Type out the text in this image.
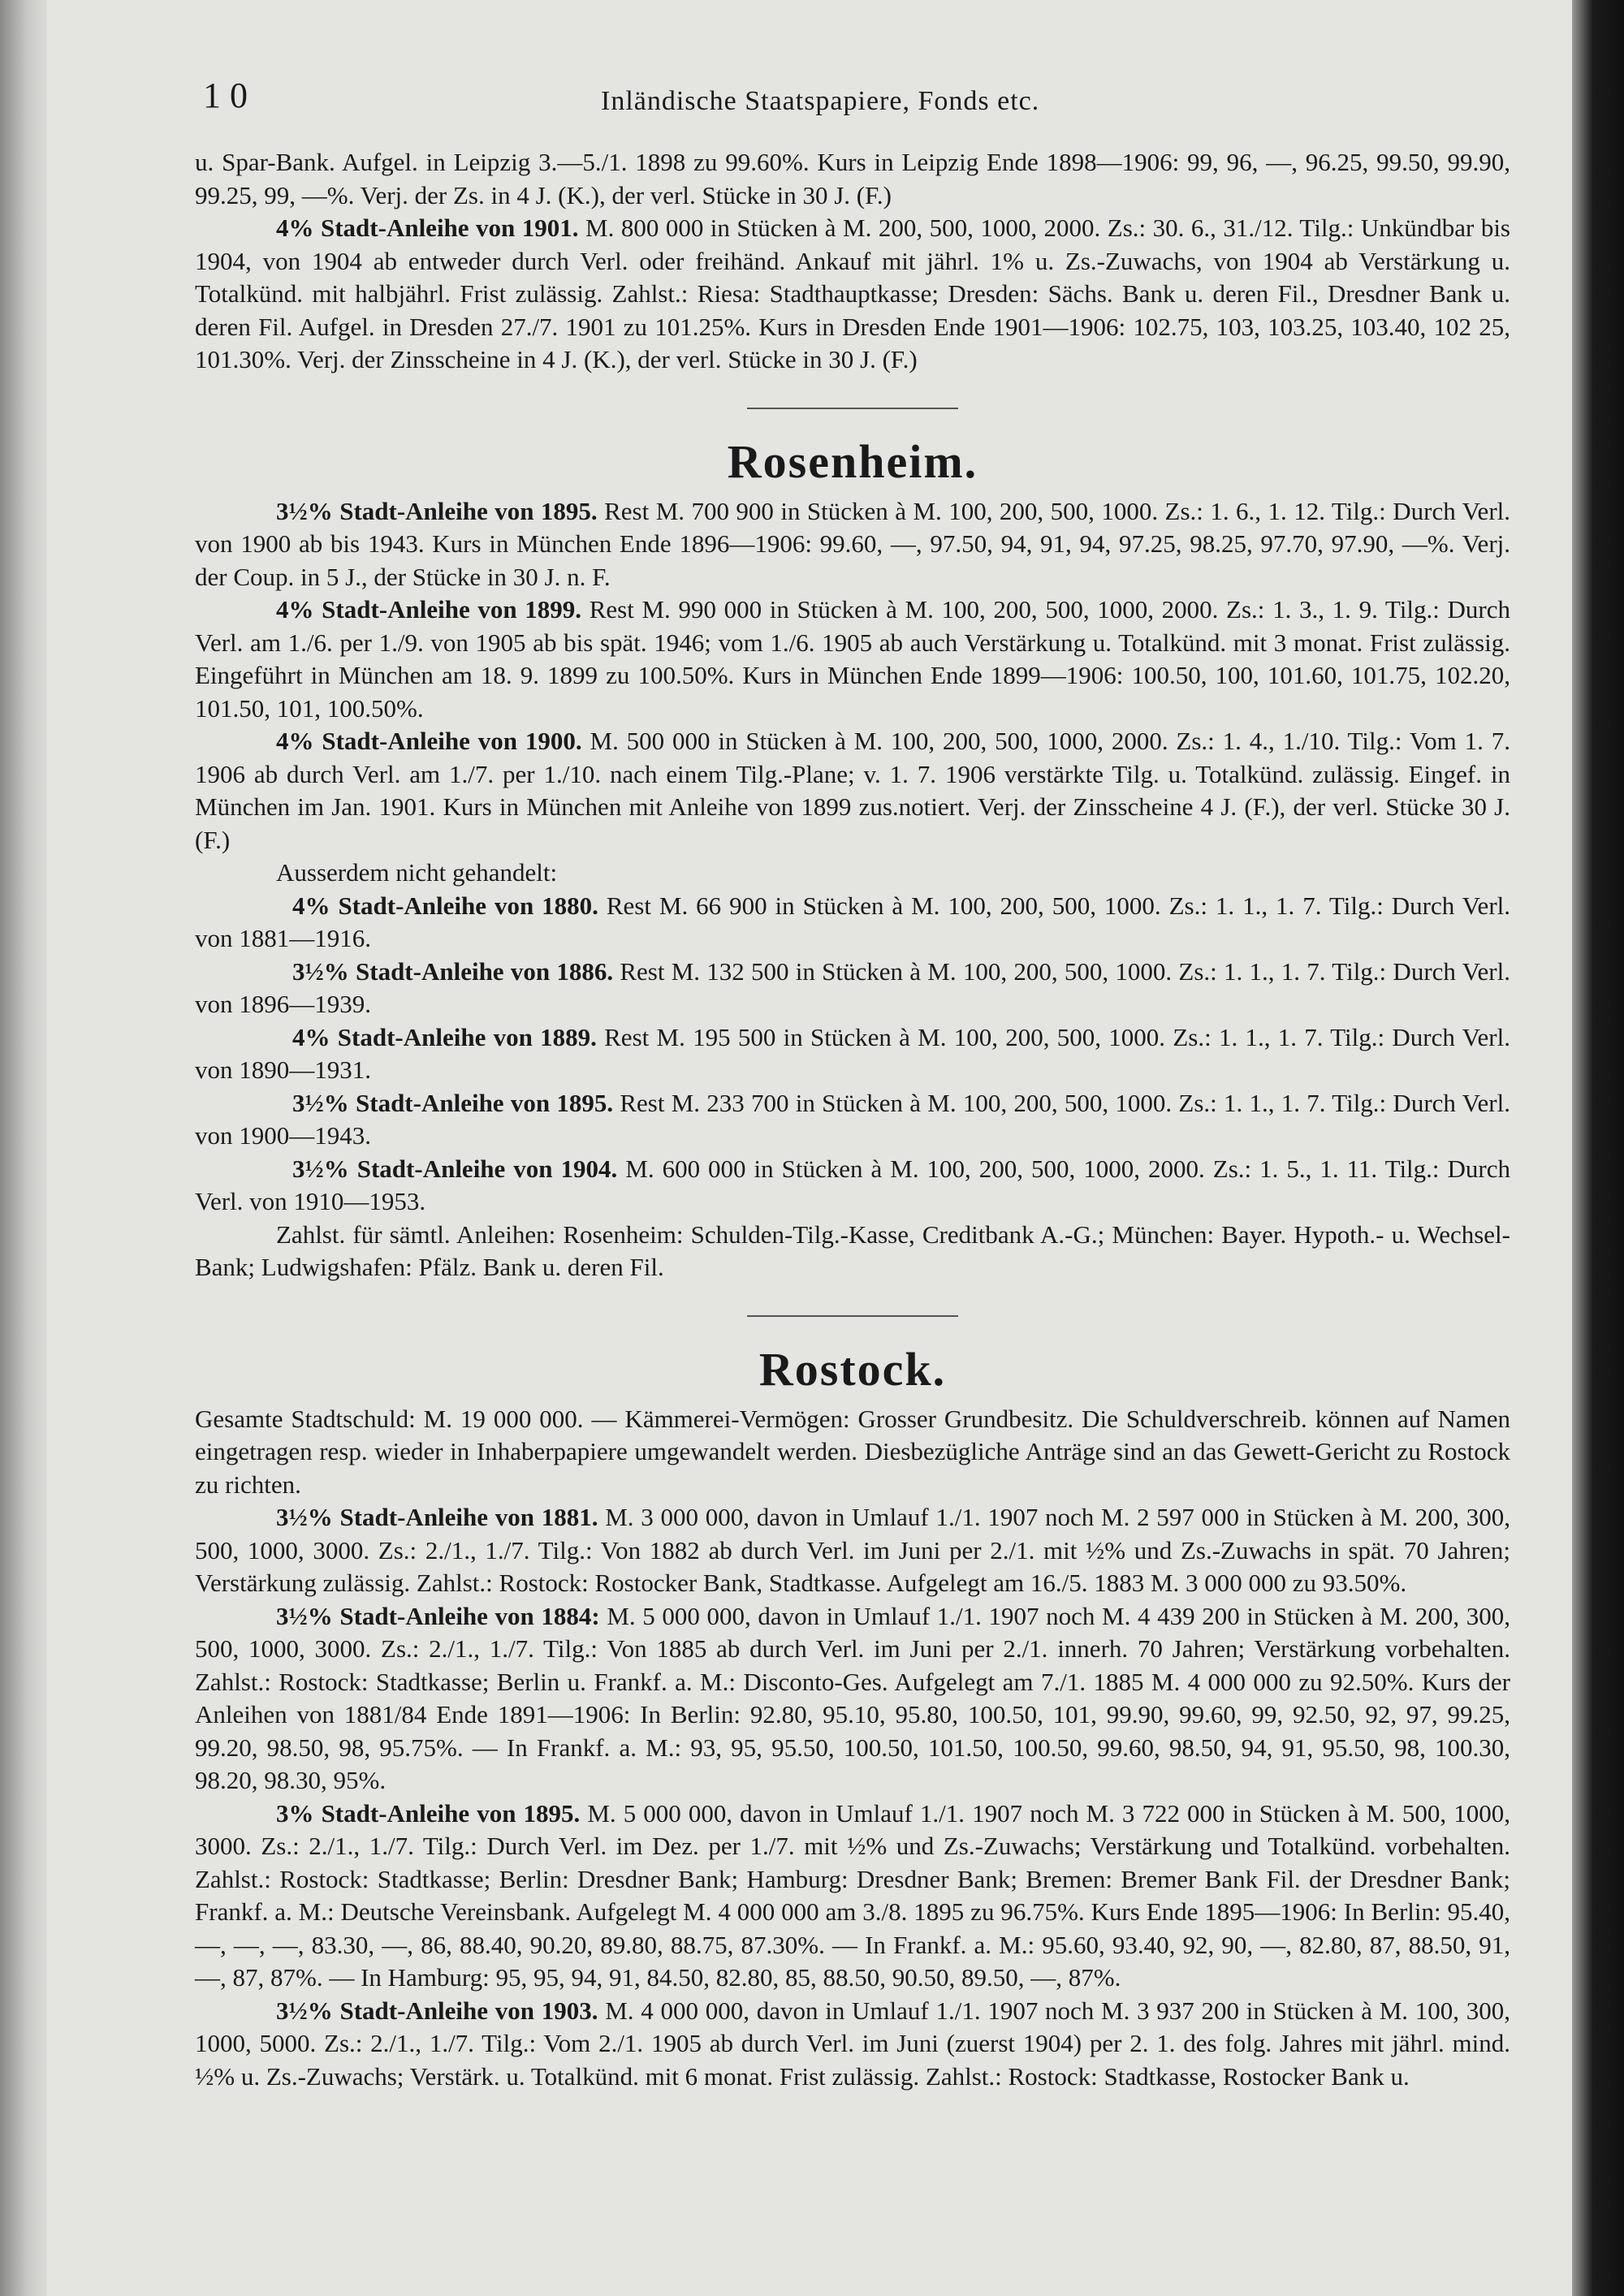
1 0	Inländische Staatspapiere, Fonds etc.

u. Spar-Bank. Aufgel. in Leipzig 3.—5./1. 1898 zu 99.60%. Kurs in Leipzig Ende 1898—1906: 99, 96, —, 96.25, 99.50, 99.90, 99.25, 99, —%. Verj. der Zs. in 4 J. (K.), der verl. Stücke in 30 J. (F.)

4% Stadt-Anleihe von 1901. M. 800 000 in Stücken à M. 200, 500, 1000, 2000. Zs.: 30. 6., 31./12. Tilg.: Unkündbar bis 1904, von 1904 ab entweder durch Verl. oder freihänd. Ankauf mit jährl. 1% u. Zs.-Zuwachs, von 1904 ab Verstärkung u. Totalkünd. mit halbjährl. Frist zulässig. Zahlst.: Riesa: Stadthauptkasse; Dresden: Sächs. Bank u. deren Fil., Dresdner Bank u. deren Fil. Aufgel. in Dresden 27./7. 1901 zu 101.25%. Kurs in Dresden Ende 1901—1906: 102.75, 103, 103.25, 103.40, 102 25, 101.30%. Verj. der Zinsscheine in 4 J. (K.), der verl. Stücke in 30 J. (F.)

Rosenheim.

3½% Stadt-Anleihe von 1895. Rest M. 700 900 in Stücken à M. 100, 200, 500, 1000. Zs.: 1. 6., 1. 12. Tilg.: Durch Verl. von 1900 ab bis 1943. Kurs in München Ende 1896—1906: 99.60, —, 97.50, 94, 91, 94, 97.25, 98.25, 97.70, 97.90, —%. Verj. der Coup. in 5 J., der Stücke in 30 J. n. F.

4% Stadt-Anleihe von 1899. Rest M. 990 000 in Stücken à M. 100, 200, 500, 1000, 2000. Zs.: 1. 3., 1. 9. Tilg.: Durch Verl. am 1./6. per 1./9. von 1905 ab bis spät. 1946; vom 1./6. 1905 ab auch Verstärkung u. Totalkünd. mit 3 monat. Frist zulässig. Eingeführt in München am 18. 9. 1899 zu 100.50%. Kurs in München Ende 1899—1906: 100.50, 100, 101.60, 101.75, 102.20, 101.50, 101, 100.50%.

4% Stadt-Anleihe von 1900. M. 500 000 in Stücken à M. 100, 200, 500, 1000, 2000. Zs.: 1. 4., 1./10. Tilg.: Vom 1. 7. 1906 ab durch Verl. am 1./7. per 1./10. nach einem Tilg.-Plane; v. 1. 7. 1906 verstärkte Tilg. u. Totalkünd. zulässig. Eingef. in München im Jan. 1901. Kurs in München mit Anleihe von 1899 zus.notiert. Verj. der Zinsscheine 4 J. (F.), der verl. Stücke 30 J. (F.)

Ausserdem nicht gehandelt:

4% Stadt-Anleihe von 1880. Rest M. 66 900 in Stücken à M. 100, 200, 500, 1000. Zs.: 1. 1., 1. 7. Tilg.: Durch Verl. von 1881—1916.

3½% Stadt-Anleihe von 1886. Rest M. 132 500 in Stücken à M. 100, 200, 500, 1000. Zs.: 1. 1., 1. 7. Tilg.: Durch Verl. von 1896—1939.

4% Stadt-Anleihe von 1889. Rest M. 195 500 in Stücken à M. 100, 200, 500, 1000. Zs.: 1. 1., 1. 7. Tilg.: Durch Verl. von 1890—1931.

3½% Stadt-Anleihe von 1895. Rest M. 233 700 in Stücken à M. 100, 200, 500, 1000. Zs.: 1. 1., 1. 7. Tilg.: Durch Verl. von 1900—1943.

3½% Stadt-Anleihe von 1904. M. 600 000 in Stücken à M. 100, 200, 500, 1000, 2000. Zs.: 1. 5., 1. 11. Tilg.: Durch Verl. von 1910—1953.

Zahlst. für sämtl. Anleihen: Rosenheim: Schulden-Tilg.-Kasse, Creditbank A.-G.; München: Bayer. Hypoth.- u. Wechsel-Bank; Ludwigshafen: Pfälz. Bank u. deren Fil.

Rostock.

Gesamte Stadtschuld: M. 19 000 000. — Kämmerei-Vermögen: Grosser Grundbesitz. Die Schuldverschreib. können auf Namen eingetragen resp. wieder in Inhaberpapiere umgewandelt werden. Diesbezügliche Anträge sind an das Gewett-Gericht zu Rostock zu richten.

3½% Stadt-Anleihe von 1881. M. 3 000 000, davon in Umlauf 1./1. 1907 noch M. 2 597 000 in Stücken à M. 200, 300, 500, 1000, 3000. Zs.: 2./1., 1./7. Tilg.: Von 1882 ab durch Verl. im Juni per 2./1. mit ½% und Zs.-Zuwachs in spät. 70 Jahren; Verstärkung zulässig. Zahlst.: Rostock: Rostocker Bank, Stadtkasse. Aufgelegt am 16./5. 1883 M. 3 000 000 zu 93.50%.

3½% Stadt-Anleihe von 1884: M. 5 000 000, davon in Umlauf 1./1. 1907 noch M. 4 439 200 in Stücken à M. 200, 300, 500, 1000, 3000. Zs.: 2./1., 1./7. Tilg.: Von 1885 ab durch Verl. im Juni per 2./1. innerh. 70 Jahren; Verstärkung vorbehalten. Zahlst.: Rostock: Stadtkasse; Berlin u. Frankf. a. M.: Disconto-Ges. Aufgelegt am 7./1. 1885 M. 4 000 000 zu 92.50%. Kurs der Anleihen von 1881/84 Ende 1891—1906: In Berlin: 92.80, 95.10, 95.80, 100.50, 101, 99.90, 99.60, 99, 92.50, 92, 97, 99.25, 99.20, 98.50, 98, 95.75%. — In Frankf. a. M.: 93, 95, 95.50, 100.50, 101.50, 100.50, 99.60, 98.50, 94, 91, 95.50, 98, 100.30, 98.20, 98.30, 95%.

3% Stadt-Anleihe von 1895. M. 5 000 000, davon in Umlauf 1./1. 1907 noch M. 3 722 000 in Stücken à M. 500, 1000, 3000. Zs.: 2./1., 1./7. Tilg.: Durch Verl. im Dez. per 1./7. mit ½% und Zs.-Zuwachs; Verstärkung und Totalkünd. vorbehalten. Zahlst.: Rostock: Stadtkasse; Berlin: Dresdner Bank; Hamburg: Dresdner Bank; Bremen: Bremer Bank Fil. der Dresdner Bank; Frankf. a. M.: Deutsche Vereinsbank. Aufgelegt M. 4 000 000 am 3./8. 1895 zu 96.75%. Kurs Ende 1895—1906: In Berlin: 95.40, —, —, —, 83.30, —, 86, 88.40, 90.20, 89.80, 88.75, 87.30%. — In Frankf. a. M.: 95.60, 93.40, 92, 90, —, 82.80, 87, 88.50, 91, —, 87, 87%. — In Hamburg: 95, 95, 94, 91, 84.50, 82.80, 85, 88.50, 90.50, 89.50, —, 87%.

3½% Stadt-Anleihe von 1903. M. 4 000 000, davon in Umlauf 1./1. 1907 noch M. 3 937 200 in Stücken à M. 100, 300, 1000, 5000. Zs.: 2./1., 1./7. Tilg.: Vom 2./1. 1905 ab durch Verl. im Juni (zuerst 1904) per 2. 1. des folg. Jahres mit jährl. mind. ½% u. Zs.-Zuwachs; Verstärk. u. Totalkünd. mit 6 monat. Frist zulässig. Zahlst.: Rostock: Stadtkasse, Rostocker Bank u.
